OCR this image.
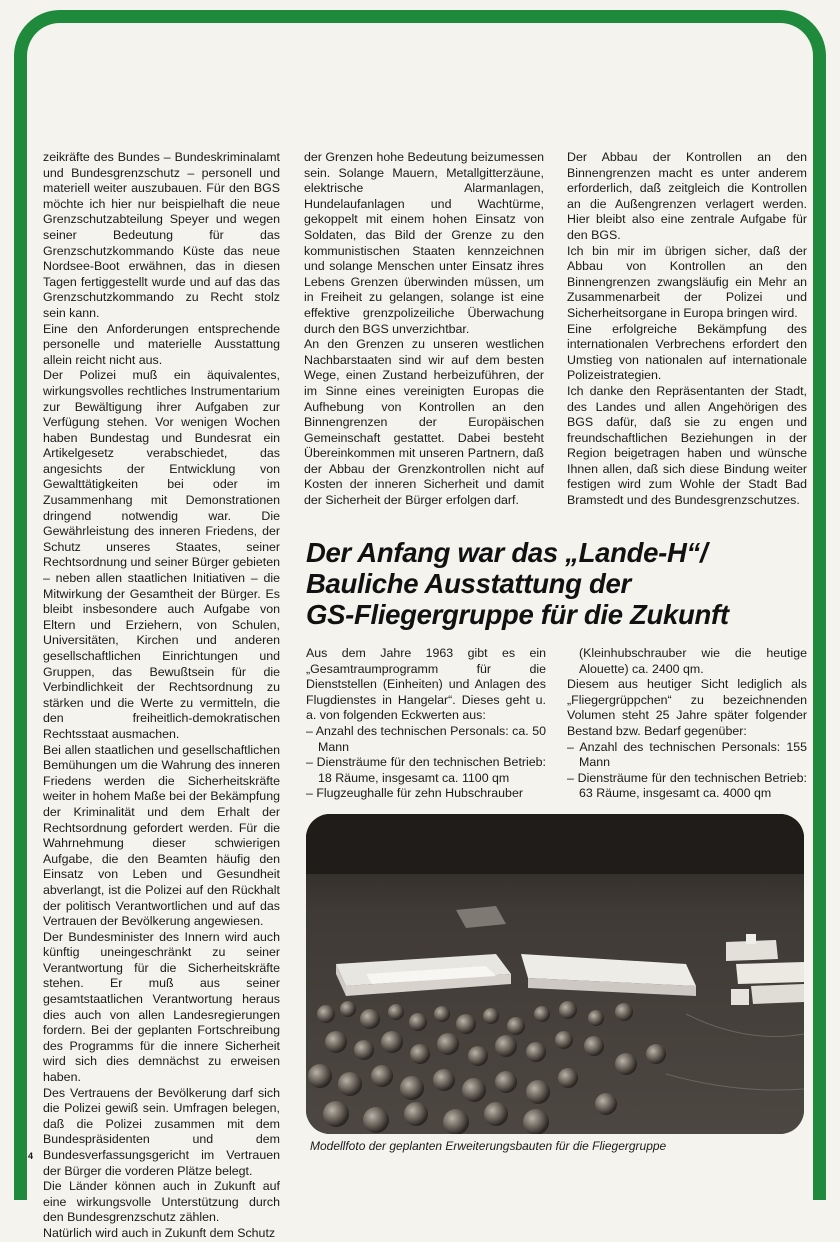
zeikräfte des Bundes – Bundeskriminalamt und Bundesgrenzschutz – personell und materiell weiter auszubauen. Für den BGS möchte ich hier nur beispielhaft die neue Grenzschutzabteilung Speyer und wegen seiner Bedeutung für das Grenzschutzkommando Küste das neue Nordsee-Boot erwähnen, das in diesen Tagen fertiggestellt wurde und auf das das Grenzschutzkommando zu Recht stolz sein kann.

Eine den Anforderungen entsprechende personelle und materielle Ausstattung allein reicht nicht aus.

Der Polizei muß ein äquivalentes, wirkungsvolles rechtliches Instrumentarium zur Bewältigung ihrer Aufgaben zur Verfügung stehen. Vor wenigen Wochen haben Bundestag und Bundesrat ein Artikelgesetz verabschiedet, das angesichts der Entwicklung von Gewalttätigkeiten bei oder im Zusammenhang mit Demonstrationen dringend notwendig war. Die Gewährleistung des inneren Friedens, der Schutz unseres Staates, seiner Rechtsordnung und seiner Bürger gebieten – neben allen staatlichen Initiativen – die Mitwirkung der Gesamtheit der Bürger. Es bleibt insbesondere auch Aufgabe von Eltern und Erziehern, von Schulen, Universitäten, Kirchen und anderen gesellschaftlichen Einrichtungen und Gruppen, das Bewußtsein für die Verbindlichkeit der Rechtsordnung zu stärken und die Werte zu vermitteln, die den freiheitlich-demokratischen Rechtsstaat ausmachen.

Bei allen staatlichen und gesellschaftlichen Bemühungen um die Wahrung des inneren Friedens werden die Sicherheitskräfte weiter in hohem Maße bei der Bekämpfung der Kriminalität und dem Erhalt der Rechtsordnung gefordert werden. Für die Wahrnehmung dieser schwierigen Aufgabe, die den Beamten häufig den Einsatz von Leben und Gesundheit abverlangt, ist die Polizei auf den Rückhalt der politisch Verantwortlichen und auf das Vertrauen der Bevölkerung angewiesen.

Der Bundesminister des Innern wird auch künftig uneingeschränkt zu seiner Verantwortung für die Sicherheitskräfte stehen. Er muß aus seiner gesamtstaatlichen Verantwortung heraus dies auch von allen Landesregierungen fordern. Bei der geplanten Fortschreibung des Programms für die innere Sicherheit wird sich dies demnächst zu erweisen haben.

Des Vertrauens der Bevölkerung darf sich die Polizei gewiß sein. Umfragen belegen, daß die Polizei zusammen mit dem Bundespräsidenten und dem Bundesverfassungsgericht im Vertrauen der Bürger die vorderen Plätze belegt.

Die Länder können auch in Zukunft auf eine wirkungsvolle Unterstützung durch den Bundesgrenzschutz zählen.

Natürlich wird auch in Zukunft dem Schutz

der Grenzen hohe Bedeutung beizumessen sein. Solange Mauern, Metallgitterzäune, elektrische Alarmanlagen, Hundelaufanlagen und Wachtürme, gekoppelt mit einem hohen Einsatz von Soldaten, das Bild der Grenze zu den kommunistischen Staaten kennzeichnen und solange Menschen unter Einsatz ihres Lebens Grenzen überwinden müssen, um in Freiheit zu gelangen, solange ist eine effektive grenzpolizeiliche Überwachung durch den BGS unverzichtbar.

An den Grenzen zu unseren westlichen Nachbarstaaten sind wir auf dem besten Wege, einen Zustand herbeizuführen, der im Sinne eines vereinigten Europas die Aufhebung von Kontrollen an den Binnengrenzen der Europäischen Gemeinschaft gestattet. Dabei besteht Übereinkommen mit unseren Partnern, daß der Abbau der Grenzkontrollen nicht auf Kosten der inneren Sicherheit und damit der Sicherheit der Bürger erfolgen darf.

Der Abbau der Kontrollen an den Binnengrenzen macht es unter anderem erforderlich, daß zeitgleich die Kontrollen an die Außengrenzen verlagert werden. Hier bleibt also eine zentrale Aufgabe für den BGS.

Ich bin mir im übrigen sicher, daß der Abbau von Kontrollen an den Binnengrenzen zwangsläufig ein Mehr an Zusammenarbeit der Polizei und Sicherheitsorgane in Europa bringen wird.

Eine erfolgreiche Bekämpfung des internationalen Verbrechens erfordert den Umstieg von nationalen auf internationale Polizeistrategien.

Ich danke den Repräsentanten der Stadt, des Landes und allen Angehörigen des BGS dafür, daß sie zu engen und freundschaftlichen Beziehungen in der Region beigetragen haben und wünsche Ihnen allen, daß sich diese Bindung weiter festigen wird zum Wohle der Stadt Bad Bramstedt und des Bundesgrenzschutzes.

Der Anfang war das „Lande-H“/
Bauliche Ausstattung der
GS-Fliegergruppe für die Zukunft

Aus dem Jahre 1963 gibt es ein „Gesamtraumprogramm für die Dienststellen (Einheiten) und Anlagen des Flugdienstes in Hangelar“. Dieses geht u. a. von folgenden Eckwerten aus:

– Anzahl des technischen Personals: ca. 50 Mann

– Diensträume für den technischen Betrieb: 18 Räume, insgesamt ca. 1100 qm

– Flugzeughalle für zehn Hubschrauber

(Kleinhubschrauber wie die heutige Alouette) ca. 2400 qm.

Diesem aus heutiger Sicht lediglich als „Fliegergrüppchen“ zu bezeichnenden Volumen steht 25 Jahre später folgender Bestand bzw. Bedarf gegenüber:

– Anzahl des technischen Personals: 155 Mann

– Diensträume für den technischen Betrieb: 63 Räume, insgesamt ca. 4000 qm

Modellfoto der geplanten Erweiterungsbauten für die Fliegergruppe
4
